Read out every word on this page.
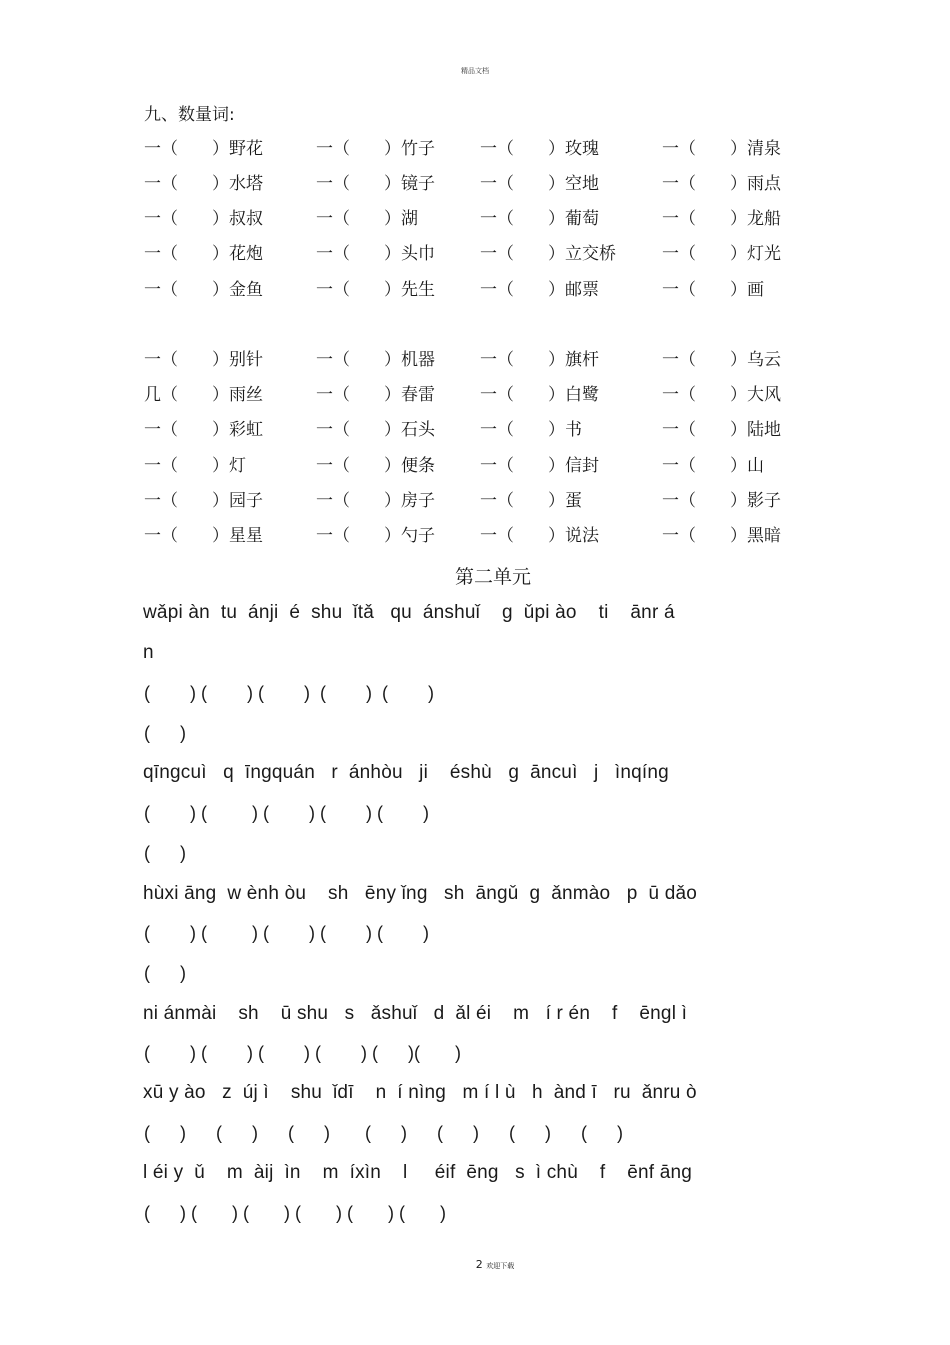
精品文档
九、数量词:
一（　　）野花	一（　　）竹子	一（　　）玫瑰	一（　　）清泉
一（　　）水塔	一（　　）镜子	一（　　）空地	一（　　）雨点
一（　　）叔叔	一（　　）湖	一（　　）葡萄	一（　　）龙船
一（　　）花炮	一（　　）头巾	一（　　）立交桥	一（　　）灯光
一（　　）金鱼	一（　　）先生	一（　　）邮票	一（　　）画
一（　　）别针	一（　　）机器	一（　　）旗杆	一（　　）乌云
几（　　）雨丝	一（　　）春雷	一（　　）白鹭	一（　　）大风
一（　　）彩虹	一（　　）石头	一（　　）书	一（　　）陆地
一（　　）灯	一（　　）便条	一（　　）信封	一（　　）山
一（　　）园子	一（　　）房子	一（　　）蛋	一（　　）影子
一（　　）星星	一（　　）勺子	一（　　）说法	一（　　）黑暗
第二单元
wǎpi àn  tu  ánji  é  shu  ǐtǎ   qu  ánshuǐ    g  ǔpi ào    ti    ānr á
n
(        ) (        ) (        )  (        )  (        )
(      )
qīngcuì   q  īngquán   r  ánhòu   ji    éshù   g  āncuì   j   ìnqíng
(        ) (         ) (        ) (        ) (        )
(      )
hùxi āng  w ènh òu    sh   ēny ǐng   sh  āngǔ  g  ǎnmào   p  ū dǎo
(        ) (         ) (        ) (        ) (        )
(      )
ni ánmài    sh    ū shu   s   ǎshuǐ   d  ǎl éi    m   í r én    f    ēngl ì
(        ) (        ) (        ) (        ) (      )(       )
xū y ào   z  új ì    shu  ǐdī    n  í nìng   m í l ù   h  ànd ī   ru  ǎnru ò
(      )      (      )      (      )       (      )      (      )      (      )      (      )
l éi y  ǔ    m  àij  ìn    m  íxìn    l     éif  ēng   s  ì chù    f    ēnf āng
(      ) (       ) (       ) (       ) (       ) (       )
2 欢迎下载
